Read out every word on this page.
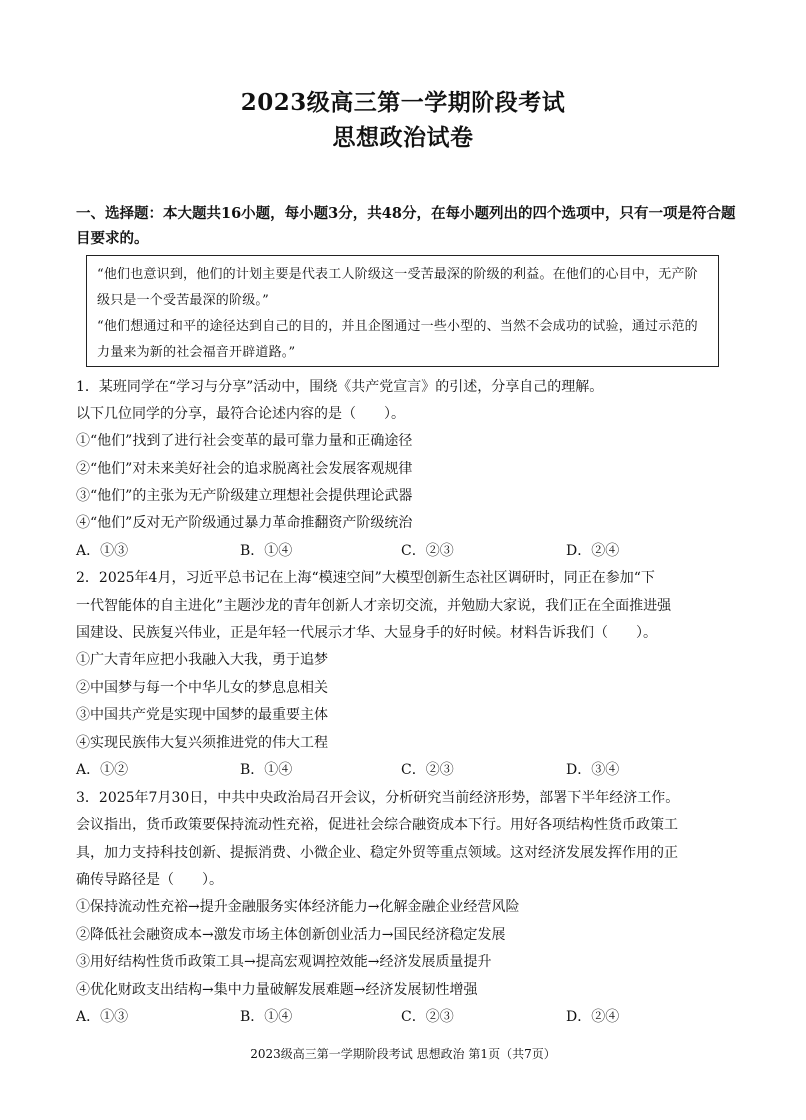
2023级高三第一学期阶段考试
思想政治试卷
一、选择题：本大题共16小题，每小题3分，共48分，在每小题列出的四个选项中，只有一项是符合题目要求的。

“他们也意识到，他们的计划主要是代表工人阶级这一受苦最深的阶级的利益。在他们的心目中，无产阶级只是一个受苦最深的阶级。”

“他们想通过和平的途径达到自己的目的，并且企图通过一些小型的、当然不会成功的试验，通过示范的力量来为新的社会福音开辟道路。”

1．某班同学在“学习与分享”活动中，围绕《共产党宣言》的引述，分享自己的理解。
以下几位同学的分享，最符合论述内容的是（　　）。
①“他们”找到了进行社会变革的最可靠力量和正确途径
②“他们”对未来美好社会的追求脱离社会发展客观规律
③“他们”的主张为无产阶级建立理想社会提供理论武器
④“他们”反对无产阶级通过暴力革命推翻资产阶级统治
A．①③	B．①④	C．②③	D．②④
2．2025年4月，习近平总书记在上海“模速空间”大模型创新生态社区调研时，同正在参加“下
一代智能体的自主进化”主题沙龙的青年创新人才亲切交流，并勉励大家说，我们正在全面推进强
国建设、民族复兴伟业，正是年轻一代展示才华、大显身手的好时候。材料告诉我们（　　）。
①广大青年应把小我融入大我，勇于追梦
②中国梦与每一个中华儿女的梦息息相关
③中国共产党是实现中国梦的最重要主体
④实现民族伟大复兴须推进党的伟大工程
A．①②	B．①④	C．②③	D．③④
3．2025年7月30日，中共中央政治局召开会议，分析研究当前经济形势，部署下半年经济工作。
会议指出，货币政策要保持流动性充裕，促进社会综合融资成本下行。用好各项结构性货币政策工
具，加力支持科技创新、提振消费、小微企业、稳定外贸等重点领域。这对经济发展发挥作用的正
确传导路径是（　　）。
①保持流动性充裕→提升金融服务实体经济能力→化解金融企业经营风险
②降低社会融资成本→激发市场主体创新创业活力→国民经济稳定发展
③用好结构性货币政策工具→提高宏观调控效能→经济发展质量提升
④优化财政支出结构→集中力量破解发展难题→经济发展韧性增强
A．①③	B．①④	C．②③	D．②④
2023级高三第一学期阶段考试 思想政治 第1页（共7页）
